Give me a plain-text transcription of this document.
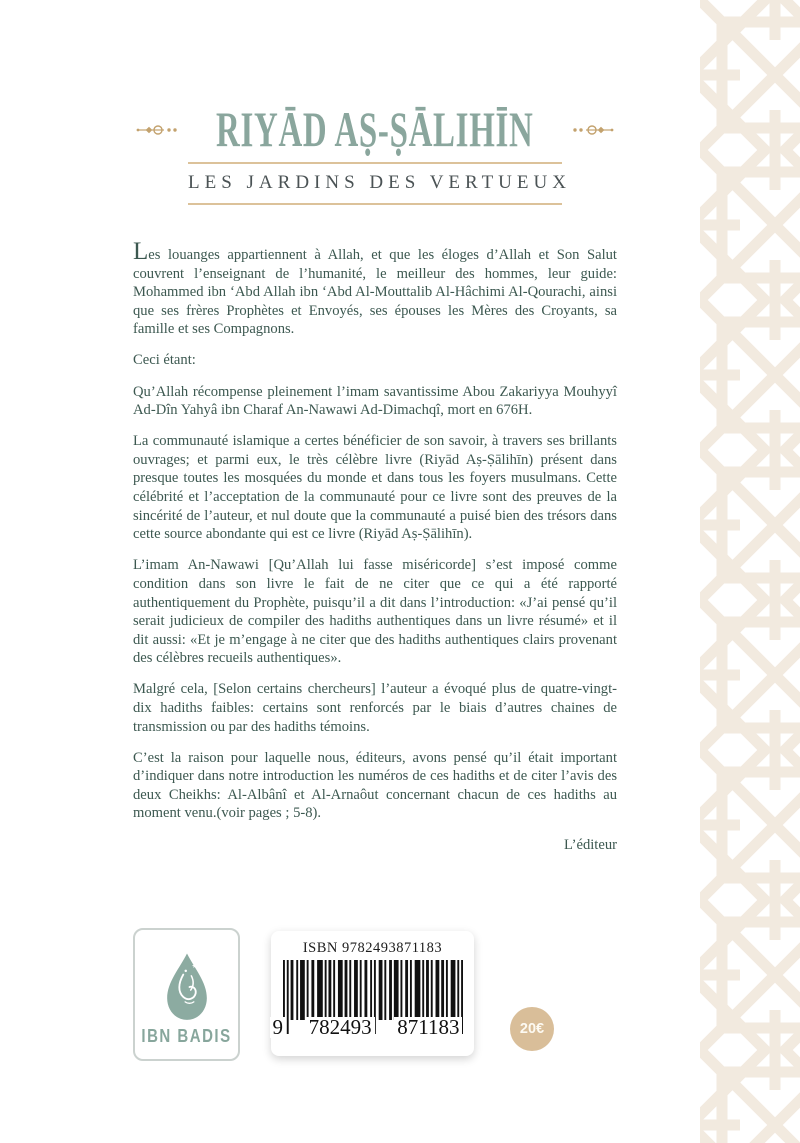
RIYĀD AṢ-ṢĀLIHĪN
LES JARDINS DES VERTUEUX

Les louanges appartiennent à Allah, et que les éloges d’Allah et Son Salut couvrent l’enseignant de l’humanité, le meilleur des hommes, leur guide: Mohammed ibn ‘Abd Allah ibn ‘Abd Al-Mouttalib Al-Hâchimi Al-Qourachi, ainsi que ses frères Prophètes et Envoyés, ses épouses les Mères des Croyants, sa famille et ses Compagnons.

Ceci étant:

Qu’Allah récompense pleinement l’imam savantissime Abou Zakariyya Mouhyyî Ad-Dîn Yahyâ ibn Charaf An-Nawawi Ad-Dimachqî, mort en 676H.

La communauté islamique a certes bénéficier de son savoir, à travers ses brillants ouvrages; et parmi eux, le très célèbre livre (Riyād Aṣ-Ṣālihīn) présent dans presque toutes les mosquées du monde et dans tous les foyers musulmans. Cette célébrité et l’acceptation de la communauté pour ce livre sont des preuves de la sincérité de l’auteur, et nul doute que la communauté a puisé bien des trésors dans cette source abondante qui est ce livre (Riyād Aṣ-Ṣālihīn).

L’imam An-Nawawi [Qu’Allah lui fasse miséricorde] s’est imposé comme condition dans son livre le fait de ne citer que ce qui a été rapporté authentiquement du Prophète, puisqu’il a dit dans l’introduction: «J’ai pensé qu’il serait judicieux de compiler des hadiths authentiques dans un livre résumé» et il dit aussi: «Et je m’engage à ne citer que des hadiths authentiques clairs provenant des célèbres recueils authentiques».

Malgré cela, [Selon certains chercheurs] l’auteur a évoqué plus de quatre-vingt-dix hadiths faibles: certains sont renforcés par le biais d’autres chaines de transmission ou par des hadiths témoins.

C’est la raison pour laquelle nous, éditeurs, avons pensé qu’il était important d’indiquer dans notre introduction les numéros de ces hadiths et de citer l’avis des deux Cheikhs: Al-Albânî et Al-Arnaôut concernant chacun de ces hadiths au moment venu.(voir pages ; 5-8).

L’éditeur

IBN BADIS
ISBN 9782493871183
9 782493 871183	20€
